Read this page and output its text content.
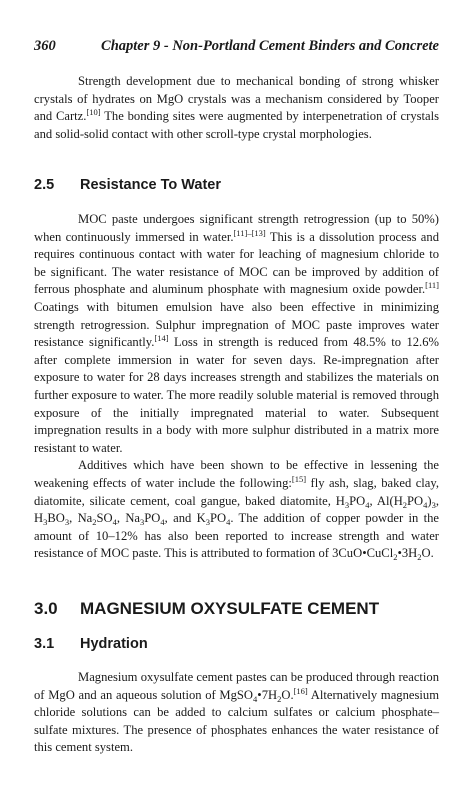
360	Chapter 9 - Non-Portland Cement Binders and Concrete

Strength development due to mechanical bonding of strong whisker crystals of hydrates on MgO crystals was a mechanism considered by Tooper and Cartz.[10] The bonding sites were augmented by interpenetration of crystals and solid-solid contact with other scroll-type crystal morphologies.

2.5 Resistance To Water

MOC paste undergoes significant strength retrogression (up to 50%) when continuously immersed in water.[11]–[13] This is a dissolution process and requires continuous contact with water for leaching of magnesium chloride to be significant. The water resistance of MOC can be improved by addition of ferrous phosphate and aluminum phosphate with magnesium oxide powder.[11] Coatings with bitumen emulsion have also been effective in minimizing strength retrogression. Sulphur impregnation of MOC paste improves water resistance significantly.[14] Loss in strength is reduced from 48.5% to 12.6% after complete immersion in water for seven days. Re-impregnation after exposure to water for 28 days increases strength and stabilizes the materials on further exposure to water. The more readily soluble material is removed through exposure of the initially impregnated material to water. Subsequent impregnation results in a body with more sulphur distributed in a matrix more resistant to water.

Additives which have been shown to be effective in lessening the weakening effects of water include the following:[15] fly ash, slag, baked clay, diatomite, silicate cement, coal gangue, baked diatomite, $H_3PO_4$, $Al(H_2PO_4)_3$, $H_3BO_3$, $Na_2SO_4$, $Na_3PO_4$, and $K_3PO_4$. The addition of copper powder in the amount of 10–12% has also been reported to increase strength and water resistance of MOC paste. This is attributed to formation of $3CuO•CuCl_2•3H_2O$.

3.0 MAGNESIUM OXYSULFATE CEMENT

3.1 Hydration

Magnesium oxysulfate cement pastes can be produced through reaction of MgO and an aqueous solution of $MgSO_4•7H_2O.[16]$ Alternatively magnesium chloride solutions can be added to calcium sulfates or calcium phosphate–sulfate mixtures. The presence of phosphates enhances the water resistance of this cement system.
